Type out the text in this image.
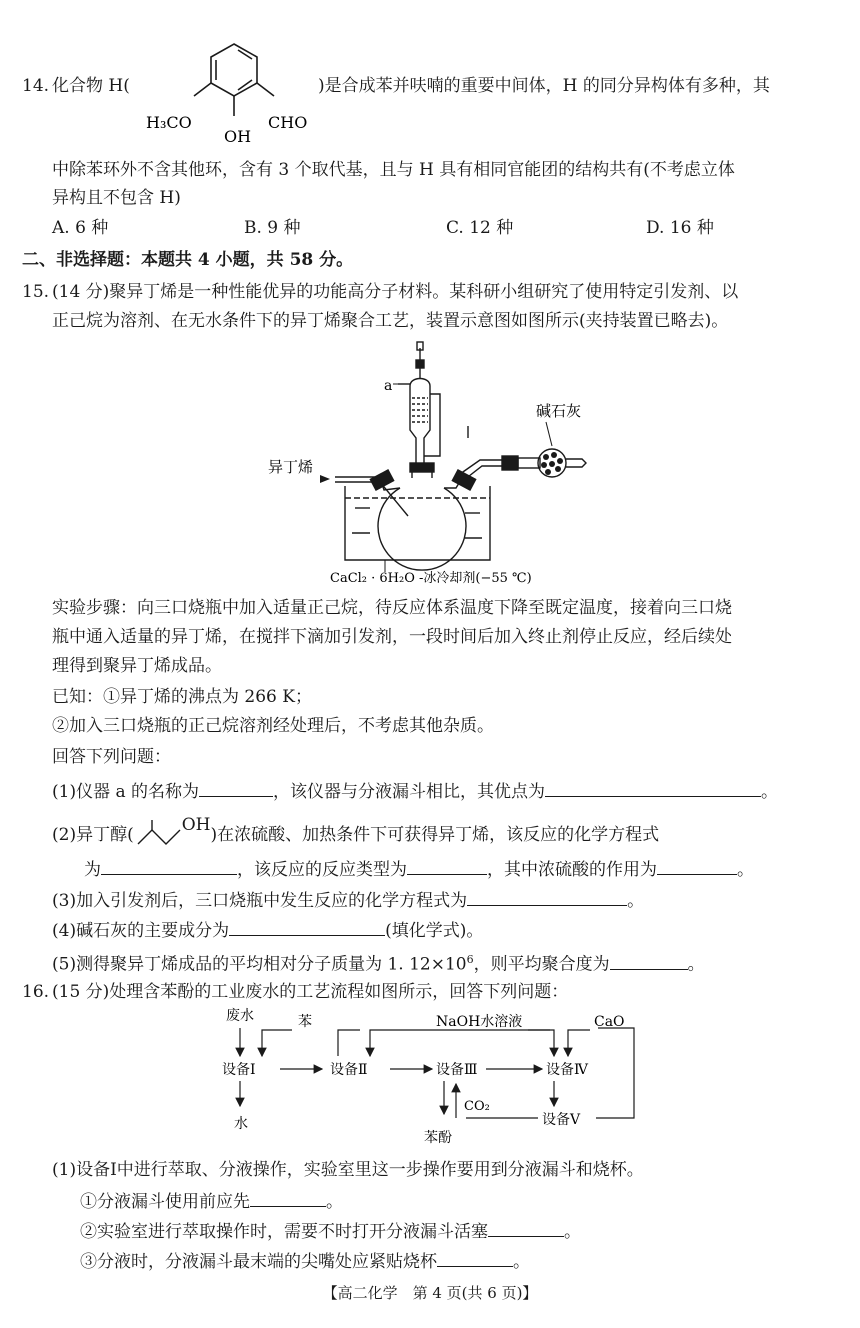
14. 化合物 H(
H₃CO
OH
CHO
)是合成苯并呋喃的重要中间体，H 的同分异构体有多种，其
中除苯环外不含其他环，含有 3 个取代基，且与 H 具有相同官能团的结构共有(不考虑立体
异构且不包含 H)
A. 6 种	B. 9 种	C. 12 种	D. 16 种
二、非选择题：本题共 4 小题，共 58 分。
15. (14 分)聚异丁烯是一种性能优异的功能高分子材料。某科研小组研究了使用特定引发剂、以
正己烷为溶剂、在无水条件下的异丁烯聚合工艺，装置示意图如图所示(夹持装置已略去)。
a
异丁烯
碱石灰
CaCl₂ · 6H₂O -冰冷却剂(−55 ℃)
实验步骤：向三口烧瓶中加入适量正己烷，待反应体系温度下降至既定温度，接着向三口烧
瓶中通入适量的异丁烯，在搅拌下滴加引发剂，一段时间后加入终止剂停止反应，经后续处
理得到聚异丁烯成品。
已知：①异丁烯的沸点为 266 K；
②加入三口烧瓶的正己烷溶剂经处理后，不考虑其他杂质。
回答下列问题：
(1)仪器 a 的名称为	，该仪器与分液漏斗相比，其优点为	。
(2)异丁醇(	OH)在浓硫酸、加热条件下可获得异丁烯，该反应的化学方程式
为	，该反应的反应类型为	，其中浓硫酸的作用为	。
(3)加入引发剂后，三口烧瓶中发生反应的化学方程式为	。
(4)碱石灰的主要成分为	(填化学式)。
(5)测得聚异丁烯成品的平均相对分子质量为 1. $12\times 10^6$，则平均聚合度为	。
16. (15 分)处理含苯酚的工业废水的工艺流程如图所示，回答下列问题：
废水	苯	NaOH水溶液	CaO
设备Ⅰ	设备Ⅱ	设备Ⅲ	设备Ⅳ
设备Ⅴ
水
苯酚
CO₂
(1)设备Ⅰ中进行萃取、分液操作，实验室里这一步操作要用到分液漏斗和烧杯。
①分液漏斗使用前应先	。
②实验室进行萃取操作时，需要不时打开分液漏斗活塞	。
③分液时，分液漏斗最末端的尖嘴处应紧贴烧杯	。
【高二化学　第 4 页(共 6 页)】
